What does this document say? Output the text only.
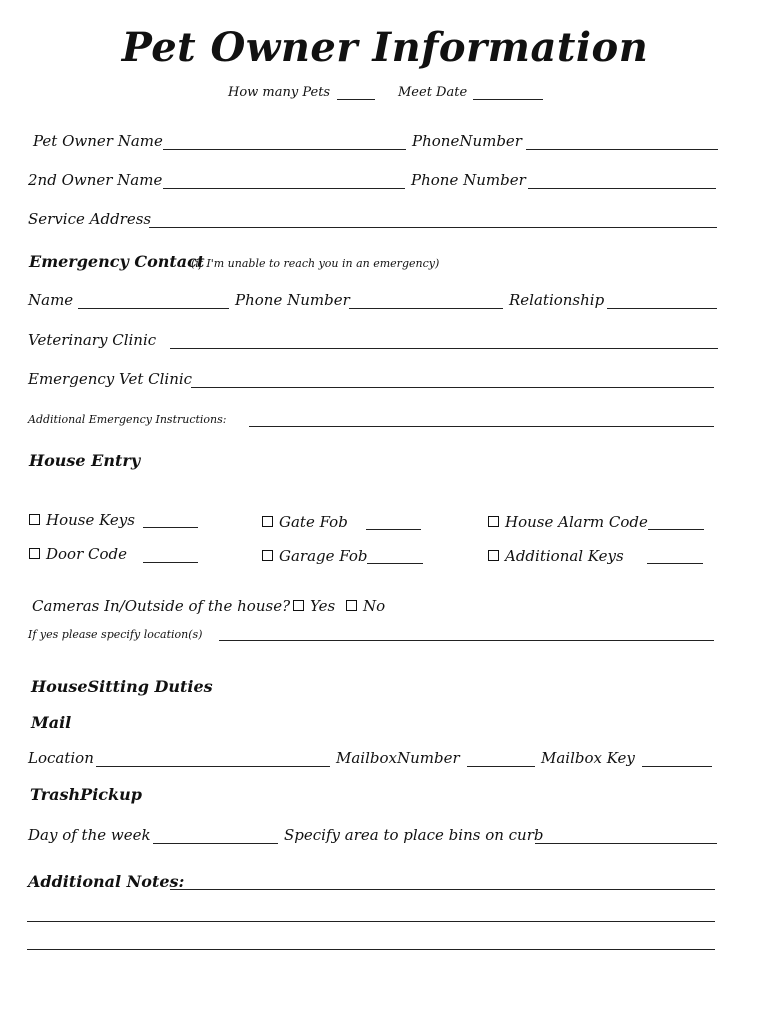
Pet Owner Information
How many Pets	Meet Date
Pet Owner Name	PhoneNumber
2nd Owner Name	Phone Number
Service Address
Emergency Contact
(if I'm unable to reach you in an emergency)
Name	Phone Number	Relationship
Veterinary Clinic
Emergency Vet Clinic
Additional Emergency Instructions:
House Entry
House Keys	Gate Fob	House Alarm Code
Door Code	Garage Fob	Additional Keys
Cameras In/Outside of the house?	Yes	No
If yes please specify location(s)
HouseSitting Duties
Mail
Location	MailboxNumber	Mailbox Key
TrashPickup
Day of the week	Specify area to place bins on curb
Additional Notes:
